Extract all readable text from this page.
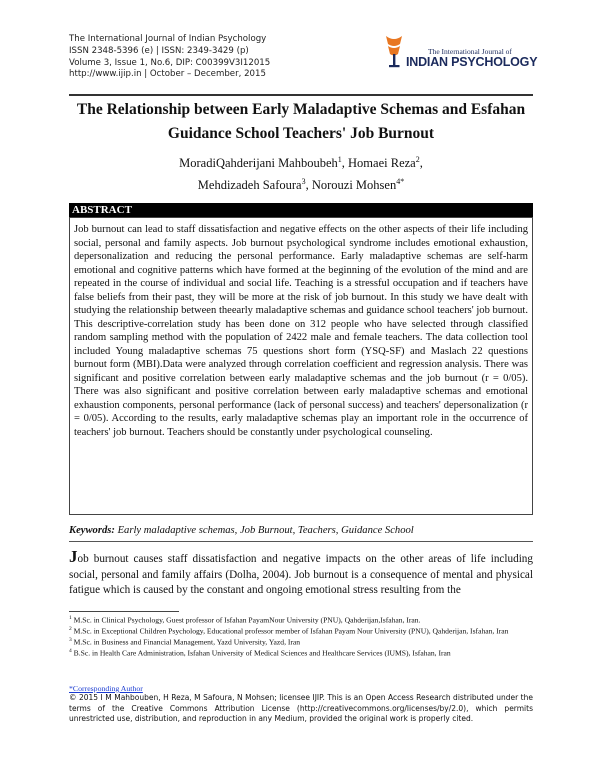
The International Journal of Indian Psychology
ISSN 2348-5396 (e) | ISSN: 2349-3429 (p)
Volume 3, Issue 1, No.6, DIP: C00399V3I12015
http://www.ijip.in | October – December, 2015
The International Journal of
INDIAN PSYCHOLOGY
The Relationship between Early Maladaptive Schemas and Esfahan
Guidance School Teachers' Job Burnout
MoradiQahderijani Mahboubeh$^1$, Homaei Reza$^2$,
Mehdizadeh Safoura$^3$, Norouzi Mohsen$^{4*}$
ABSTRACT
Job burnout can lead to staff dissatisfaction and negative effects on the other aspects of their life including social, personal and family aspects. Job burnout psychological syndrome includes emotional exhaustion, depersonalization and reducing the personal performance. Early maladaptive schemas are self-harm emotional and cognitive patterns which have formed at the beginning of the evolution of the mind and are repeated in the course of individual and social life. Teaching is a stressful occupation and if teachers have false beliefs from their past, they will be more at the risk of job burnout. In this study we have dealt with studying the relationship between theearly maladaptive schemas and guidance school teachers' job burnout. This descriptive-correlation study has been done on 312 people who have selected through classified random sampling method with the population of 2422 male and female teachers. The data collection tool included Young maladaptive schemas 75 questions short form (YSQ-SF) and Maslach 22 questions burnout form (MBI).Data were analyzed through correlation coefficient and regression analysis. There was significant and positive correlation between early maladaptive schemas and the job burnout (r = 0/05). There was also significant and positive correlation between early maladaptive schemas and emotional exhaustion components, personal performance (lack of personal success) and teachers' depersonalization (r = 0/05). According to the results, early maladaptive schemas play an important role in the occurrence of teachers' job burnout. Teachers should be constantly under psychological counseling.
Keywords: Early maladaptive schemas, Job Burnout, Teachers, Guidance School
Job burnout causes staff dissatisfaction and negative impacts on the other areas of life including social, personal and family affairs (Dolha, 2004). Job burnout is a consequence of mental and physical fatigue which is caused by the constant and ongoing emotional stress resulting from the
$^1$ M.Sc. in Clinical Psychology, Guest professor of Isfahan PayamNour University (PNU), Qahderijan,Isfahan, Iran.
$^2$ M.Sc. in Exceptional Children Psychology, Educational professor member of Isfahan Payam Nour University (PNU), Qahderijan, Isfahan, Iran
$^3$ M.Sc. in Business and Financial Management, Yazd University, Yazd, Iran
$^4$ B.Sc. in Health Care Administration, Isfahan University of Medical Sciences and Healthcare Services (IUMS), Isfahan, Iran
*Corresponding Author
© 2015 I M Mahbouben, H Reza, M Safoura, N Mohsen; licensee IJIP. This is an Open Access Research distributed under the terms of the Creative Commons Attribution License (http://creativecommons.org/licenses/by/2.0), which permits unrestricted use, distribution, and reproduction in any Medium, provided the original work is properly cited.
